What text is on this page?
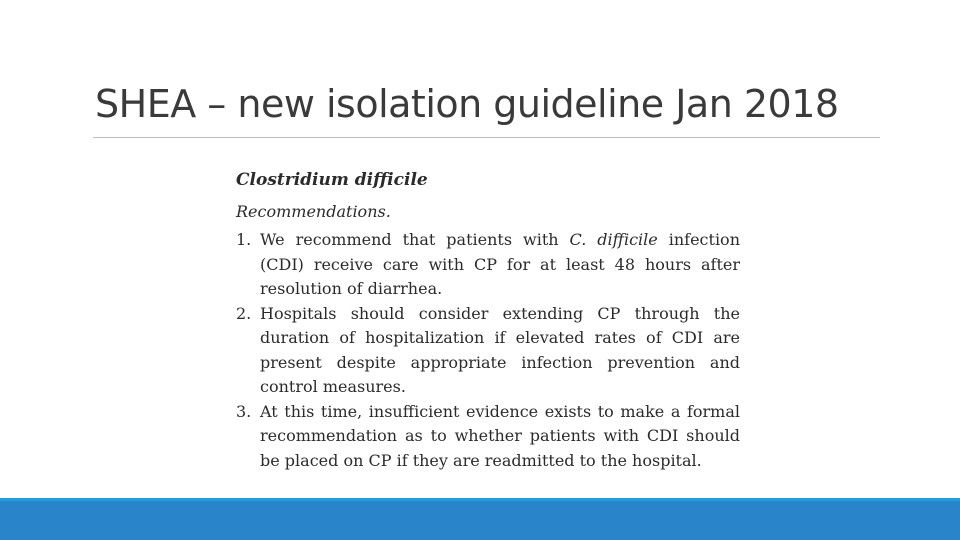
SHEA – new isolation guideline Jan 2018

Clostridium difficile

Recommendations.

1. We recommend that patients with C. difficile infection (CDI) receive care with CP for at least 48 hours after resolution of diarrhea.
2. Hospitals should consider extending CP through the duration of hospitalization if elevated rates of CDI are present despite appropriate infection prevention and control measures.
3. At this time, insufficient evidence exists to make a formal recommendation as to whether patients with CDI should be placed on CP if they are readmitted to the hospital.
